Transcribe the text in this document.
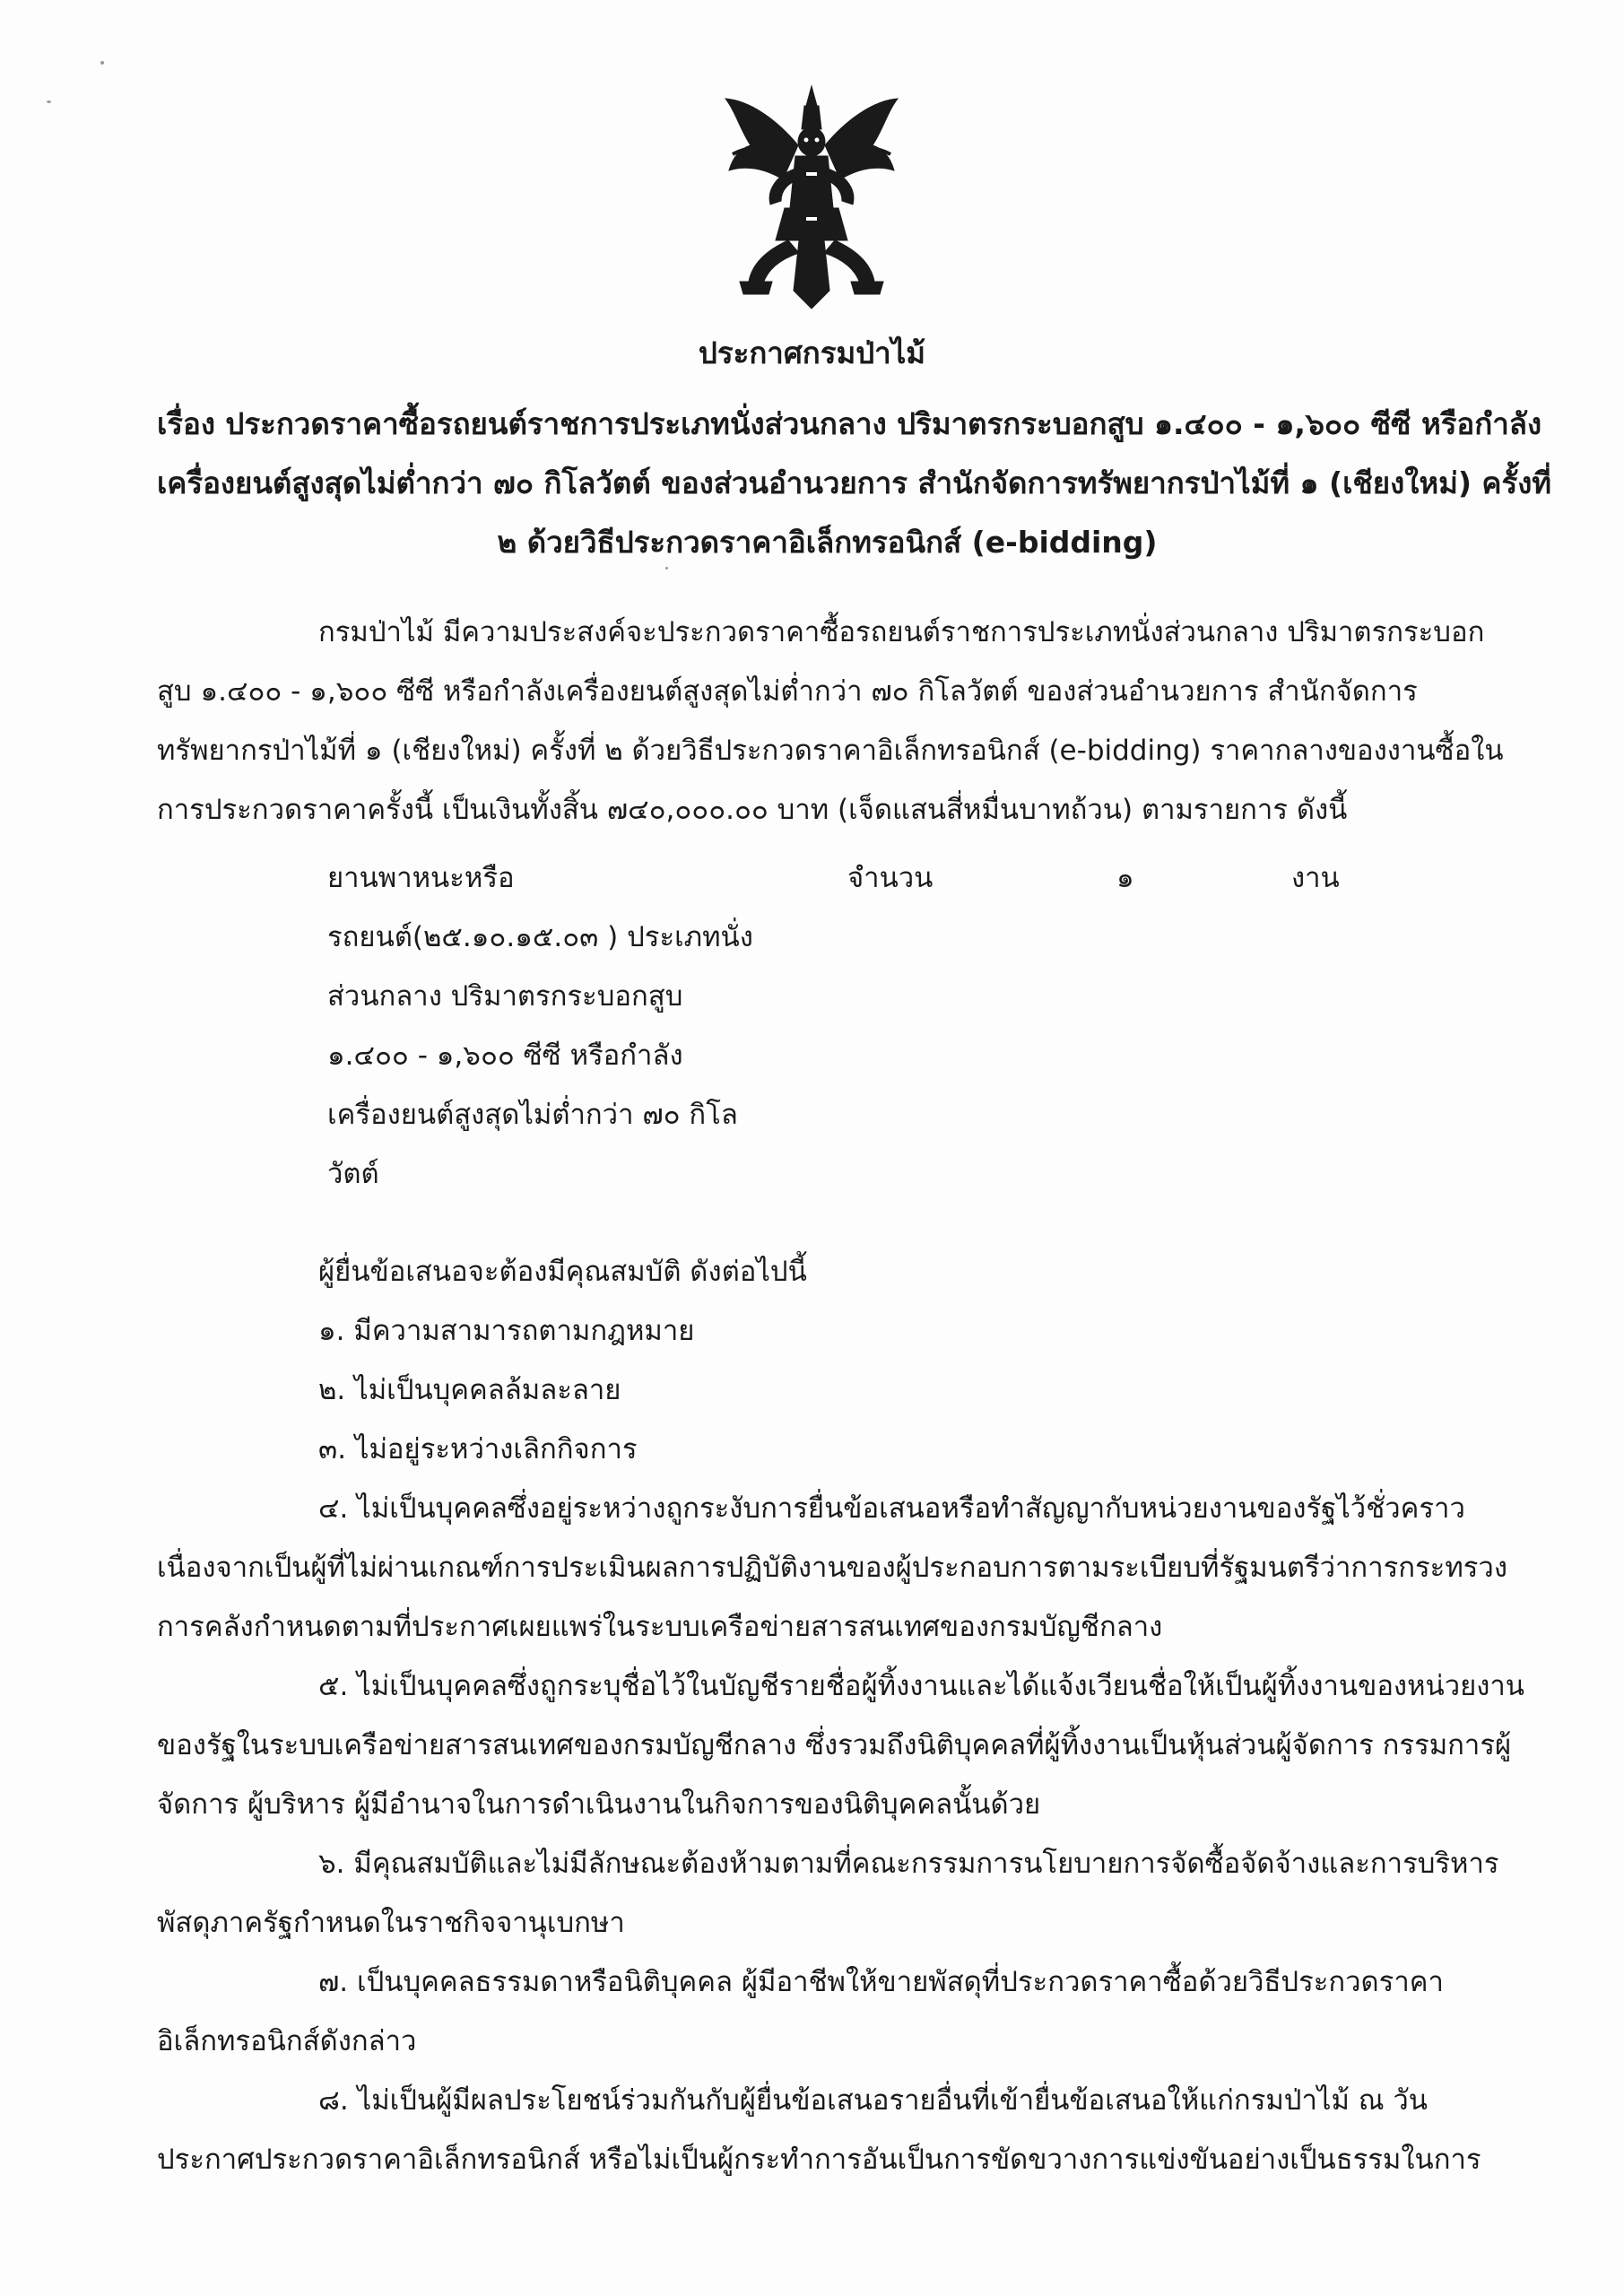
ประกาศกรมป่าไม้
เรื่อง ประกวดราคาซื้อรถยนต์ราชการประเภทนั่งส่วนกลาง ปริมาตรกระบอกสูบ ๑.๔๐๐ - ๑,๖๐๐ ซีซี หรือกำลัง
เครื่องยนต์สูงสุดไม่ต่ำกว่า ๗๐ กิโลวัตต์ ของส่วนอำนวยการ สำนักจัดการทรัพยากรป่าไม้ที่ ๑ (เชียงใหม่) ครั้งที่
๒ ด้วยวิธีประกวดราคาอิเล็กทรอนิกส์ (e-bidding)
กรมป่าไม้ มีความประสงค์จะประกวดราคาซื้อรถยนต์ราชการประเภทนั่งส่วนกลาง ปริมาตรกระบอก
สูบ ๑.๔๐๐ - ๑,๖๐๐ ซีซี หรือกำลังเครื่องยนต์สูงสุดไม่ต่ำกว่า ๗๐ กิโลวัตต์ ของส่วนอำนวยการ สำนักจัดการ
ทรัพยากรป่าไม้ที่ ๑ (เชียงใหม่) ครั้งที่ ๒ ด้วยวิธีประกวดราคาอิเล็กทรอนิกส์ (e-bidding) ราคากลางของงานซื้อใน
การประกวดราคาครั้งนี้ เป็นเงินทั้งสิ้น ๗๔๐,๐๐๐.๐๐ บาท (เจ็ดแสนสี่หมื่นบาทถ้วน) ตามรายการ ดังนี้
ยานพาหนะหรือ
รถยนต์(๒๕.๑๐.๑๕.๐๓ ) ประเภทนั่ง
ส่วนกลาง ปริมาตรกระบอกสูบ
๑.๔๐๐ - ๑,๖๐๐ ซีซี หรือกำลัง
เครื่องยนต์สูงสุดไม่ต่ำกว่า ๗๐ กิโล
วัตต์
จำนวน	๑	งาน
ผู้ยื่นข้อเสนอจะต้องมีคุณสมบัติ ดังต่อไปนี้
๑. มีความสามารถตามกฎหมาย
๒. ไม่เป็นบุคคลล้มละลาย
๓. ไม่อยู่ระหว่างเลิกกิจการ
๔. ไม่เป็นบุคคลซึ่งอยู่ระหว่างถูกระงับการยื่นข้อเสนอหรือทำสัญญากับหน่วยงานของรัฐไว้ชั่วคราว
เนื่องจากเป็นผู้ที่ไม่ผ่านเกณฑ์การประเมินผลการปฏิบัติงานของผู้ประกอบการตามระเบียบที่รัฐมนตรีว่าการกระทรวง
การคลังกำหนดตามที่ประกาศเผยแพร่ในระบบเครือข่ายสารสนเทศของกรมบัญชีกลาง
๕. ไม่เป็นบุคคลซึ่งถูกระบุชื่อไว้ในบัญชีรายชื่อผู้ทิ้งงานและได้แจ้งเวียนชื่อให้เป็นผู้ทิ้งงานของหน่วยงาน
ของรัฐในระบบเครือข่ายสารสนเทศของกรมบัญชีกลาง ซึ่งรวมถึงนิติบุคคลที่ผู้ทิ้งงานเป็นหุ้นส่วนผู้จัดการ กรรมการผู้
จัดการ ผู้บริหาร ผู้มีอำนาจในการดำเนินงานในกิจการของนิติบุคคลนั้นด้วย
๖. มีคุณสมบัติและไม่มีลักษณะต้องห้ามตามที่คณะกรรมการนโยบายการจัดซื้อจัดจ้างและการบริหาร
พัสดุภาครัฐกำหนดในราชกิจจานุเบกษา
๗. เป็นบุคคลธรรมดาหรือนิติบุคคล ผู้มีอาชีพให้ขายพัสดุที่ประกวดราคาซื้อด้วยวิธีประกวดราคา
อิเล็กทรอนิกส์ดังกล่าว
๘. ไม่เป็นผู้มีผลประโยชน์ร่วมกันกับผู้ยื่นข้อเสนอรายอื่นที่เข้ายื่นข้อเสนอให้แก่กรมป่าไม้ ณ วัน
ประกาศประกวดราคาอิเล็กทรอนิกส์ หรือไม่เป็นผู้กระทำการอันเป็นการขัดขวางการแข่งขันอย่างเป็นธรรมในการ
